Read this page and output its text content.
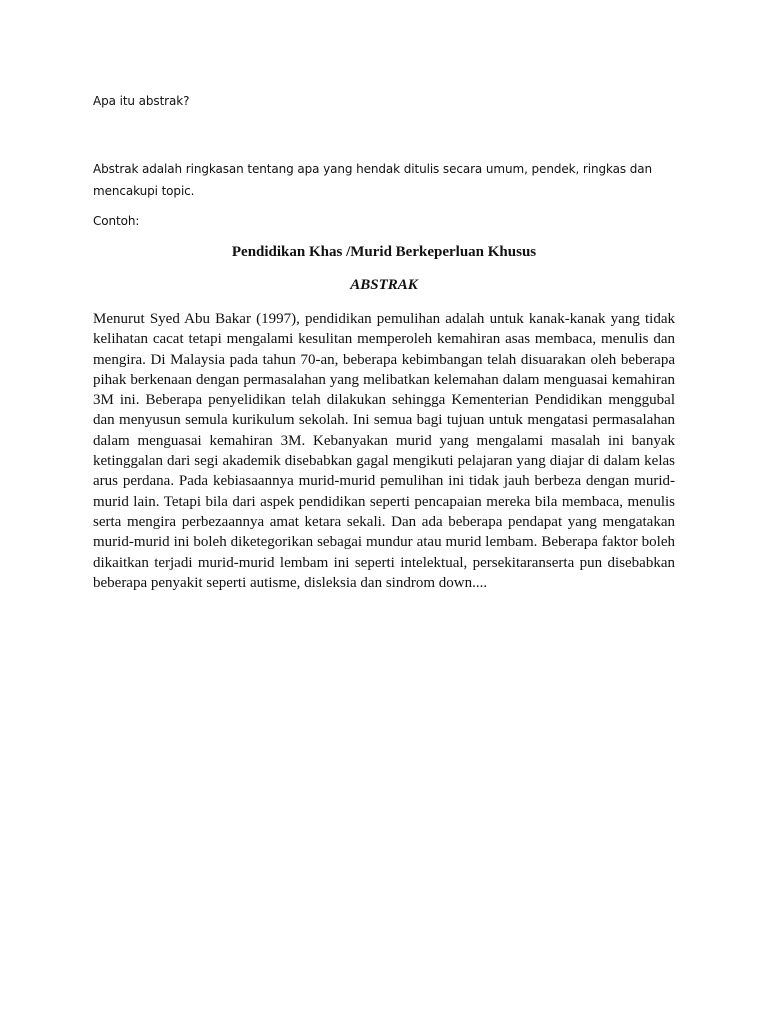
Apa itu abstrak?

Abstrak adalah ringkasan tentang apa yang hendak ditulis secara umum, pendek, ringkas dan mencakupi topic.

Contoh:

Pendidikan Khas /Murid Berkeperluan Khusus

ABSTRAK

Menurut Syed Abu Bakar (1997), pendidikan pemulihan adalah untuk kanak-kanak yang tidak kelihatan cacat tetapi mengalami kesulitan memperoleh kemahiran asas membaca, menulis dan mengira. Di Malaysia pada tahun 70-an, beberapa kebimbangan telah disuarakan oleh beberapa pihak berkenaan dengan permasalahan yang melibatkan kelemahan dalam menguasai kemahiran 3M ini. Beberapa penyelidikan telah dilakukan sehingga Kementerian Pendidikan menggubal dan menyusun semula kurikulum sekolah. Ini semua bagi tujuan untuk mengatasi permasalahan dalam menguasai kemahiran 3M. Kebanyakan murid yang mengalami masalah ini banyak ketinggalan dari segi akademik disebabkan gagal mengikuti pelajaran yang diajar di dalam kelas arus perdana. Pada kebiasaannya murid-murid pemulihan ini tidak jauh berbeza dengan murid-murid lain. Tetapi bila dari aspek pendidikan seperti pencapaian mereka bila membaca, menulis serta mengira perbezaannya amat ketara sekali. Dan ada beberapa pendapat yang mengatakan murid-murid ini boleh diketegorikan sebagai mundur atau murid lembam. Beberapa faktor boleh dikaitkan terjadi murid-murid lembam ini seperti intelektual, persekitaranserta pun disebabkan beberapa penyakit seperti autisme, disleksia dan sindrom down....
